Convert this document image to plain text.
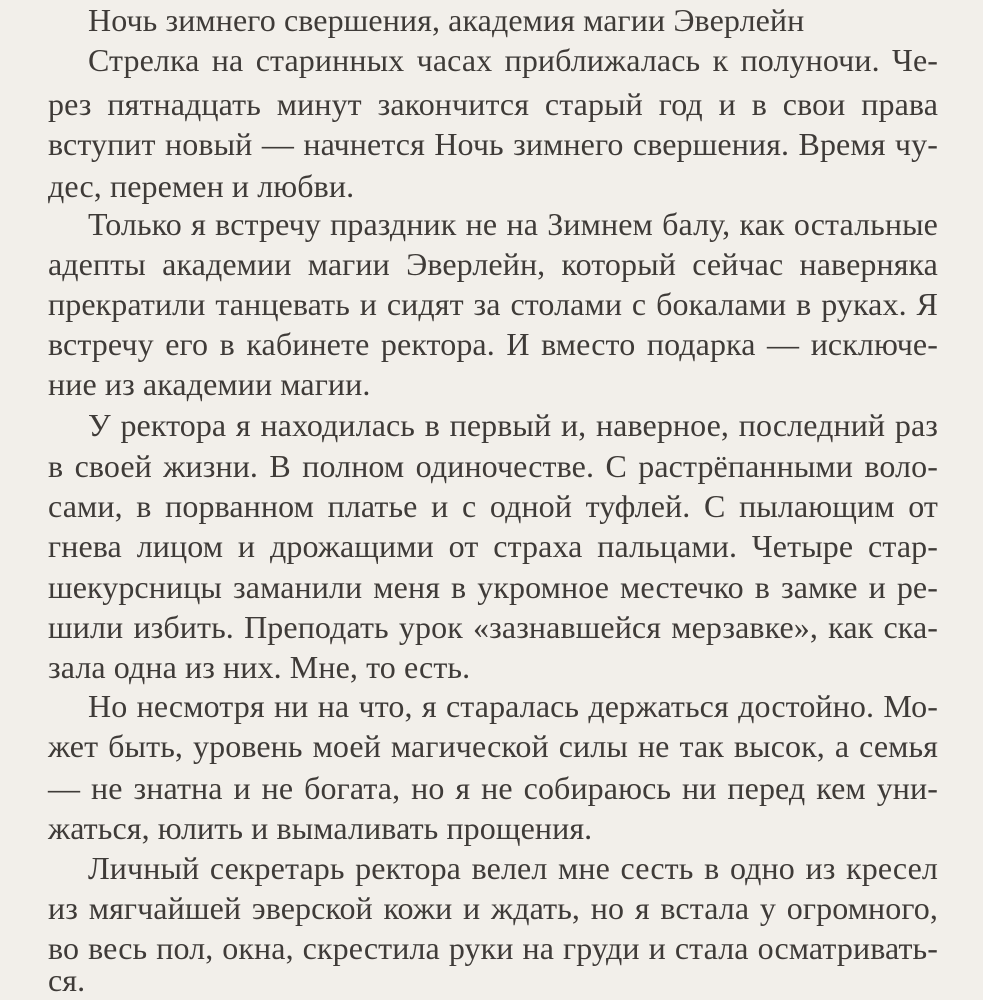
Ночь зимнего свершения, академия магии Эверлейн
Стрелка на старинных часах приближалась к полуночи. Че-
рез пятнадцать минут закончится старый год и в свои права
вступит новый — начнется Ночь зимнего свершения. Время чу-
дес, перемен и любви.
Только я встречу праздник не на Зимнем балу, как остальные
адепты академии магии Эверлейн, который сейчас наверняка
прекратили танцевать и сидят за столами с бокалами в руках. Я
встречу его в кабинете ректора. И вместо подарка — исключе-
ние из академии магии.
У ректора я находилась в первый и, наверное, последний раз
в своей жизни. В полном одиночестве. С растрёпанными воло-
сами, в порванном платье и с одной туфлей. С пылающим от
гнева лицом и дрожащими от страха пальцами. Четыре стар-
шекурсницы заманили меня в укромное местечко в замке и ре-
шили избить. Преподать урок «зазнавшейся мерзавке», как ска-
зала одна из них. Мне, то есть.
Но несмотря ни на что, я старалась держаться достойно. Мо-
жет быть, уровень моей магической силы не так высок, а семья
— не знатна и не богата, но я не собираюсь ни перед кем уни-
жаться, юлить и вымаливать прощения.
Личный секретарь ректора велел мне сесть в одно из кресел
из мягчайшей эверской кожи и ждать, но я встала у огромного,
во весь пол, окна, скрестила руки на груди и стала осматривать-
ся.
